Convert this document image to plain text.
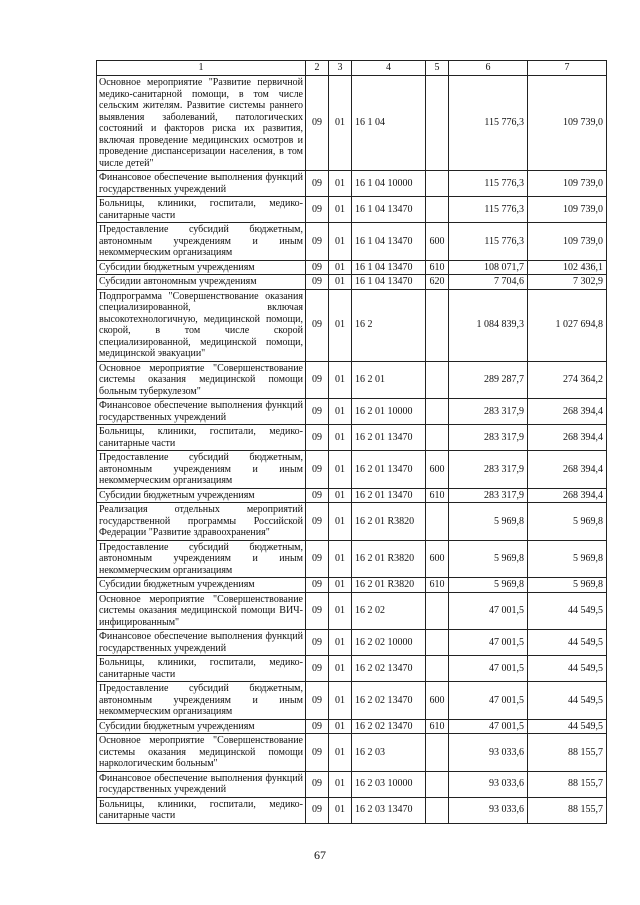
1	2	3	4	5	6	7
Основное мероприятие "Развитие первичной медико-санитарной помощи, в том числе сельским жителям. Развитие системы раннего выявления заболеваний, патологических состояний и факторов риска их развития, включая проведение медицинских осмотров и проведение диспансеризации населения, в том числе детей"	09	01	16 1 04		115 776,3	109 739,0
Финансовое обеспечение выполнения функций государственных учреждений	09	01	16 1 04 10000		115 776,3	109 739,0
Больницы, клиники, госпитали, медико-санитарные части	09	01	16 1 04 13470		115 776,3	109 739,0
Предоставление субсидий бюджетным, автономным учреждениям и иным некоммерческим организациям	09	01	16 1 04 13470	600	115 776,3	109 739,0
Субсидии бюджетным учреждениям	09	01	16 1 04 13470	610	108 071,7	102 436,1
Субсидии автономным учреждениям	09	01	16 1 04 13470	620	7 704,6	7 302,9
Подпрограмма "Совершенствование оказания специализированной, включая высокотехнологичную, медицинской помощи, скорой, в том числе скорой специализированной, медицинской помощи, медицинской эвакуации"	09	01	16 2		1 084 839,3	1 027 694,8
Основное мероприятие "Совершенствование системы оказания медицинской помощи больным туберкулезом"	09	01	16 2 01		289 287,7	274 364,2
Финансовое обеспечение выполнения функций государственных учреждений	09	01	16 2 01 10000		283 317,9	268 394,4
Больницы, клиники, госпитали, медико-санитарные части	09	01	16 2 01 13470		283 317,9	268 394,4
Предоставление субсидий бюджетным, автономным учреждениям и иным некоммерческим организациям	09	01	16 2 01 13470	600	283 317,9	268 394,4
Субсидии бюджетным учреждениям	09	01	16 2 01 13470	610	283 317,9	268 394,4
Реализация отдельных мероприятий государственной программы Российской Федерации "Развитие здравоохранения"	09	01	16 2 01 R3820		5 969,8	5 969,8
Предоставление субсидий бюджетным, автономным учреждениям и иным некоммерческим организациям	09	01	16 2 01 R3820	600	5 969,8	5 969,8
Субсидии бюджетным учреждениям	09	01	16 2 01 R3820	610	5 969,8	5 969,8
Основное мероприятие "Совершенствование системы оказания медицинской помощи ВИЧ-инфицированным"	09	01	16 2 02		47 001,5	44 549,5
Финансовое обеспечение выполнения функций государственных учреждений	09	01	16 2 02 10000		47 001,5	44 549,5
Больницы, клиники, госпитали, медико-санитарные части	09	01	16 2 02 13470		47 001,5	44 549,5
Предоставление субсидий бюджетным, автономным учреждениям и иным некоммерческим организациям	09	01	16 2 02 13470	600	47 001,5	44 549,5
Субсидии бюджетным учреждениям	09	01	16 2 02 13470	610	47 001,5	44 549,5
Основное мероприятие "Совершенствование системы оказания медицинской помощи наркологическим больным"	09	01	16 2 03		93 033,6	88 155,7
Финансовое обеспечение выполнения функций государственных учреждений	09	01	16 2 03 10000		93 033,6	88 155,7
Больницы, клиники, госпитали, медико-санитарные части	09	01	16 2 03 13470		93 033,6	88 155,7
67
